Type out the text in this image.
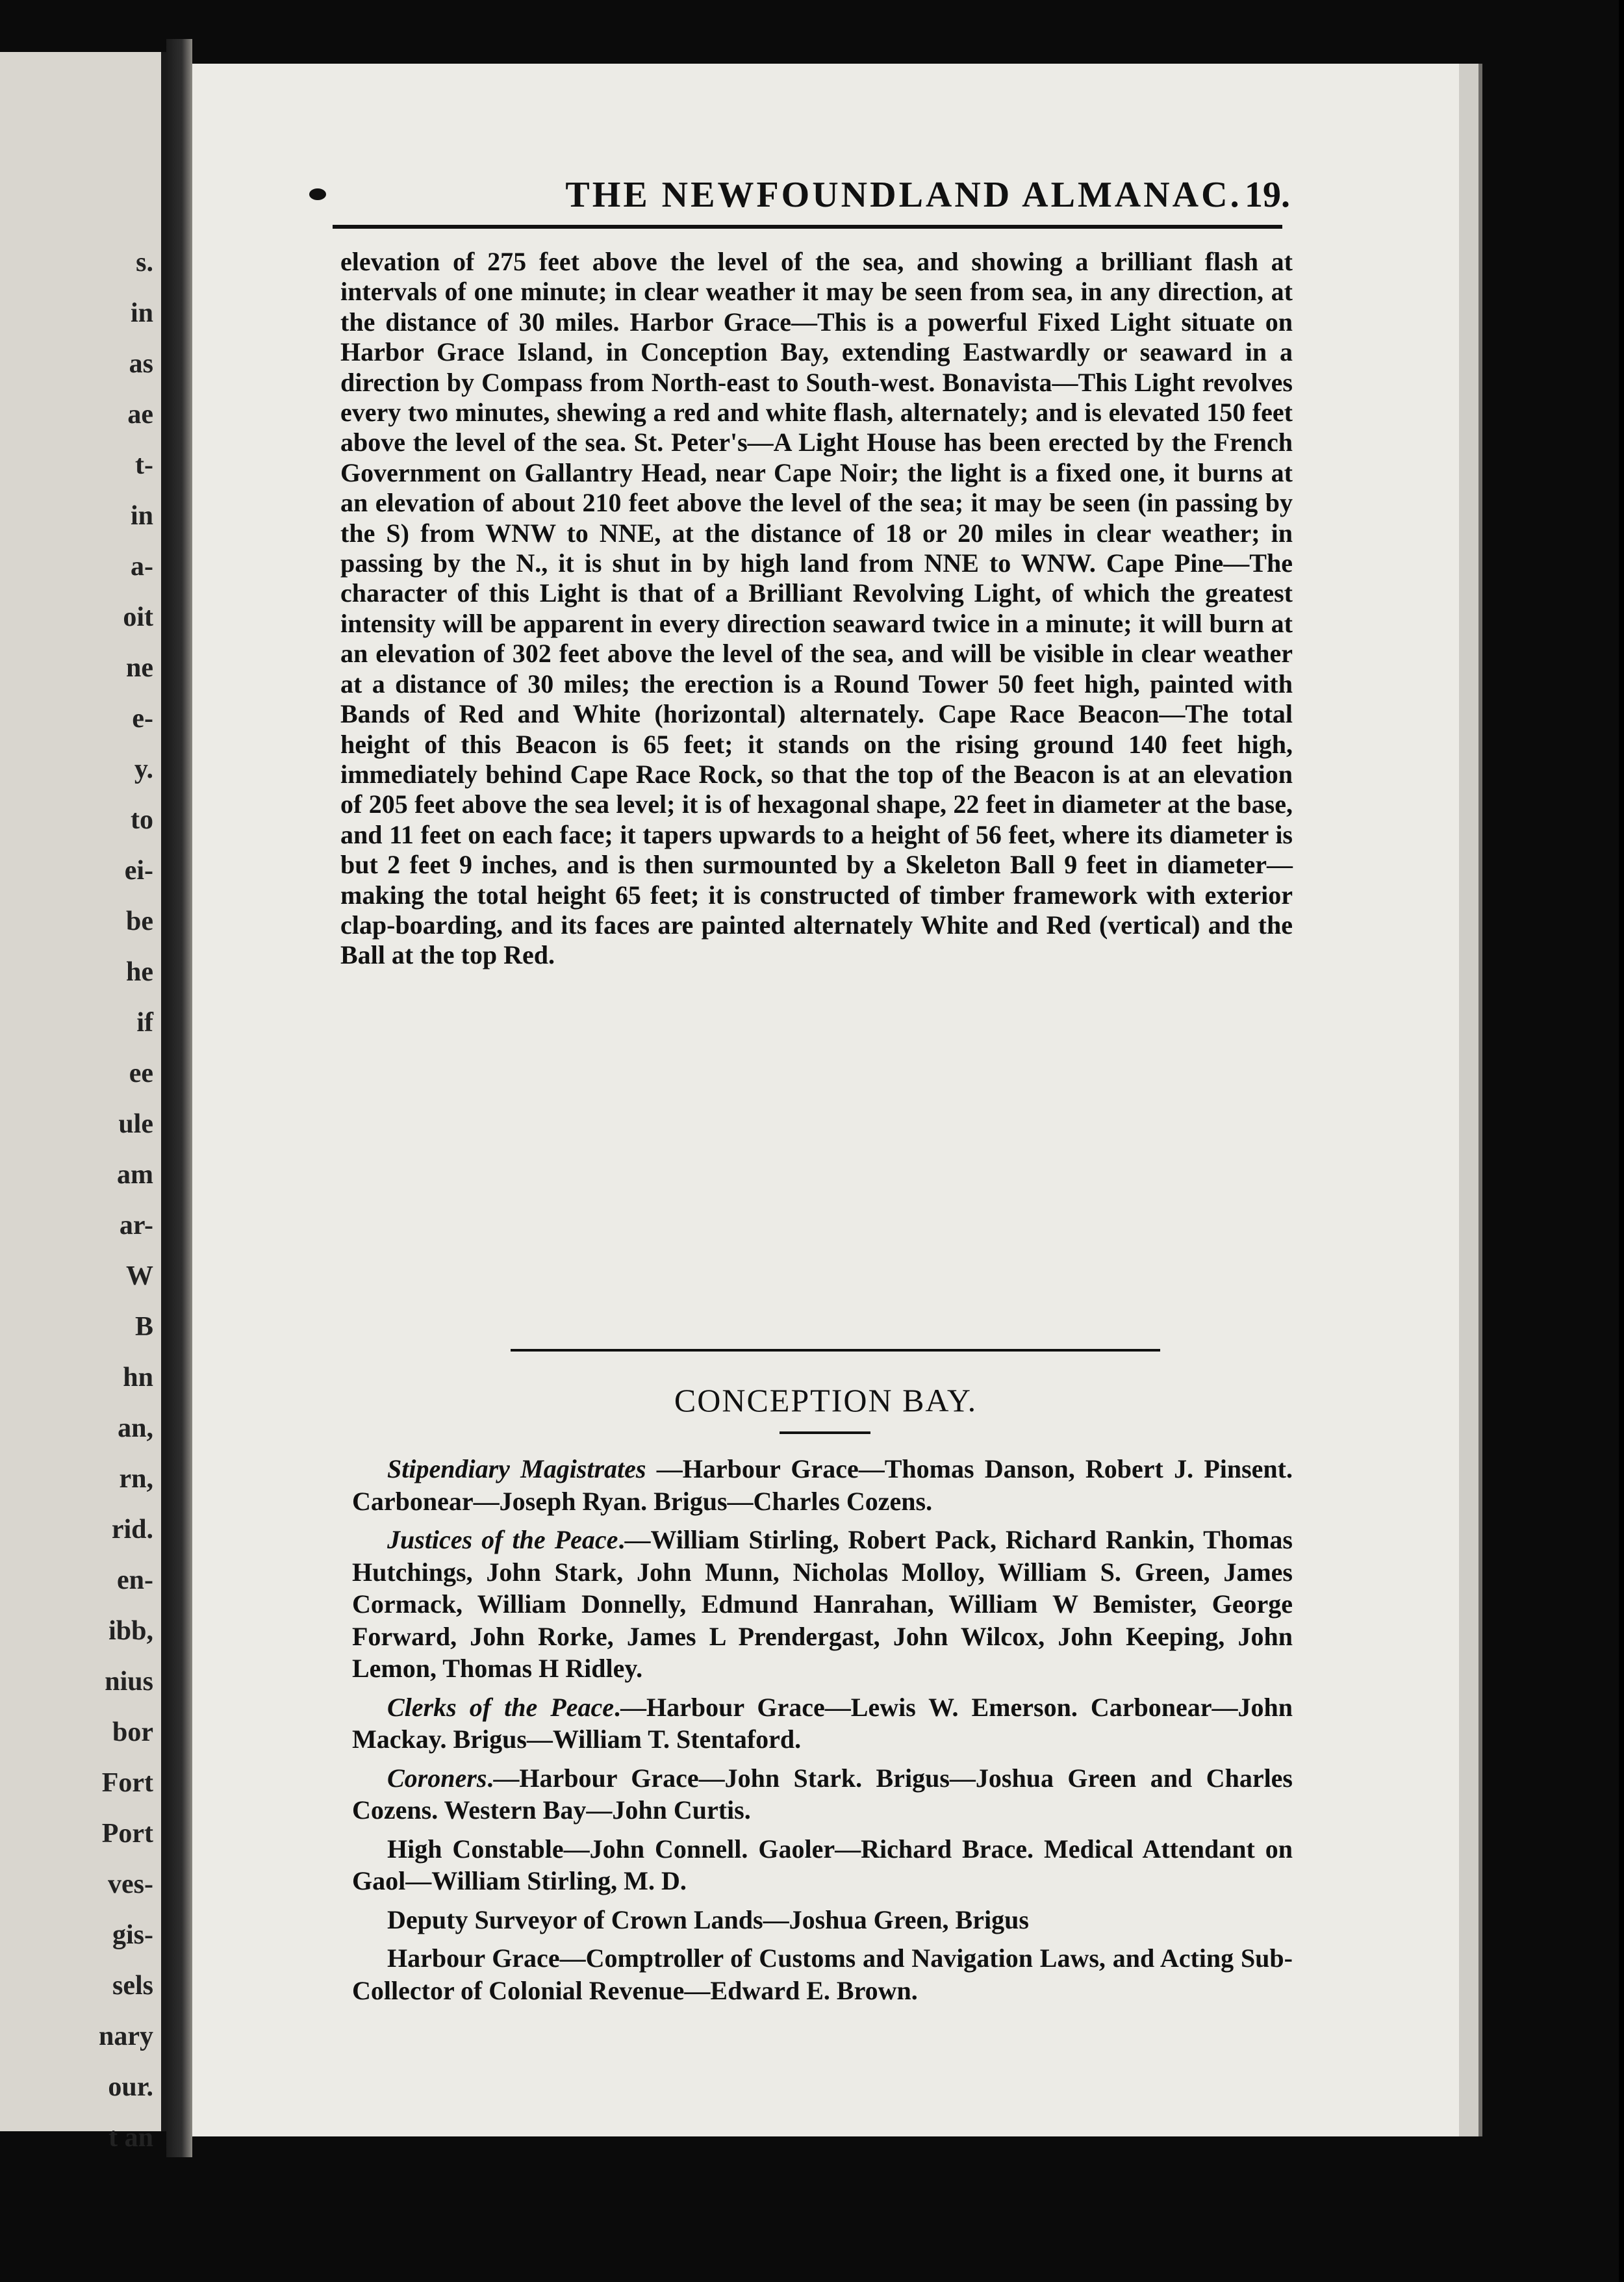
s.
in
as
ae
t-
in
a-
oit
ne
e-
y.
to
ei-
be
he
if
ee
ule
am
ar-
W
B
hn
an,
rn,
rid.
en-
ibb,
nius
bor
Fort
Port
ves-
gis-
sels
nary
our.
t an
THE NEWFOUNDLAND ALMANAC. 19.
elevation of 275 feet above the level of the sea, and showing a brilliant flash at intervals of one minute; in clear weather it may be seen from sea, in any direction, at the distance of 30 miles. Harbor Grace—This is a powerful Fixed Light situate on Harbor Grace Island, in Conception Bay, extending Eastwardly or seaward in a direction by Compass from North-east to South-west. Bonavista—This Light revolves every two minutes, shewing a red and white flash, alternately; and is elevated 150 feet above the level of the sea. St. Peter's—A Light House has been erected by the French Government on Gallantry Head, near Cape Noir; the light is a fixed one, it burns at an elevation of about 210 feet above the level of the sea; it may be seen (in passing by the S) from WNW to NNE, at the distance of 18 or 20 miles in clear weather; in passing by the N., it is shut in by high land from NNE to WNW. Cape Pine—The character of this Light is that of a Brilliant Revolving Light, of which the greatest intensity will be apparent in every direction seaward twice in a minute; it will burn at an elevation of 302 feet above the level of the sea, and will be visible in clear weather at a distance of 30 miles; the erection is a Round Tower 50 feet high, painted with Bands of Red and White (horizontal) alternately. Cape Race Beacon—The total height of this Beacon is 65 feet; it stands on the rising ground 140 feet high, immediately behind Cape Race Rock, so that the top of the Beacon is at an elevation of 205 feet above the sea level; it is of hexagonal shape, 22 feet in diameter at the base, and 11 feet on each face; it tapers upwards to a height of 56 feet, where its diameter is but 2 feet 9 inches, and is then surmounted by a Skeleton Ball 9 feet in diameter—making the total height 65 feet; it is constructed of timber framework with exterior clap-boarding, and its faces are painted alternately White and Red (vertical) and the Ball at the top Red.
CONCEPTION BAY.

Stipendiary Magistrates —Harbour Grace—Thomas Danson, Robert J. Pinsent. Carbonear—Joseph Ryan. Brigus—Charles Cozens.

Justices of the Peace.—William Stirling, Robert Pack, Richard Rankin, Thomas Hutchings, John Stark, John Munn, Nicholas Molloy, William S. Green, James Cormack, William Donnelly, Edmund Hanrahan, William W Bemister, George Forward, John Rorke, James L Prendergast, John Wilcox, John Keeping, John Lemon, Thomas H Ridley.

Clerks of the Peace.—Harbour Grace—Lewis W. Emerson. Carbonear—John Mackay. Brigus—William T. Stentaford.

Coroners.—Harbour Grace—John Stark. Brigus—Joshua Green and Charles Cozens. Western Bay—John Curtis.

High Constable—John Connell. Gaoler—Richard Brace. Medical Attendant on Gaol—William Stirling, M. D.

Deputy Surveyor of Crown Lands—Joshua Green, Brigus

Harbour Grace—Comptroller of Customs and Navigation Laws, and Acting Sub-Collector of Colonial Revenue—Edward E. Brown.
